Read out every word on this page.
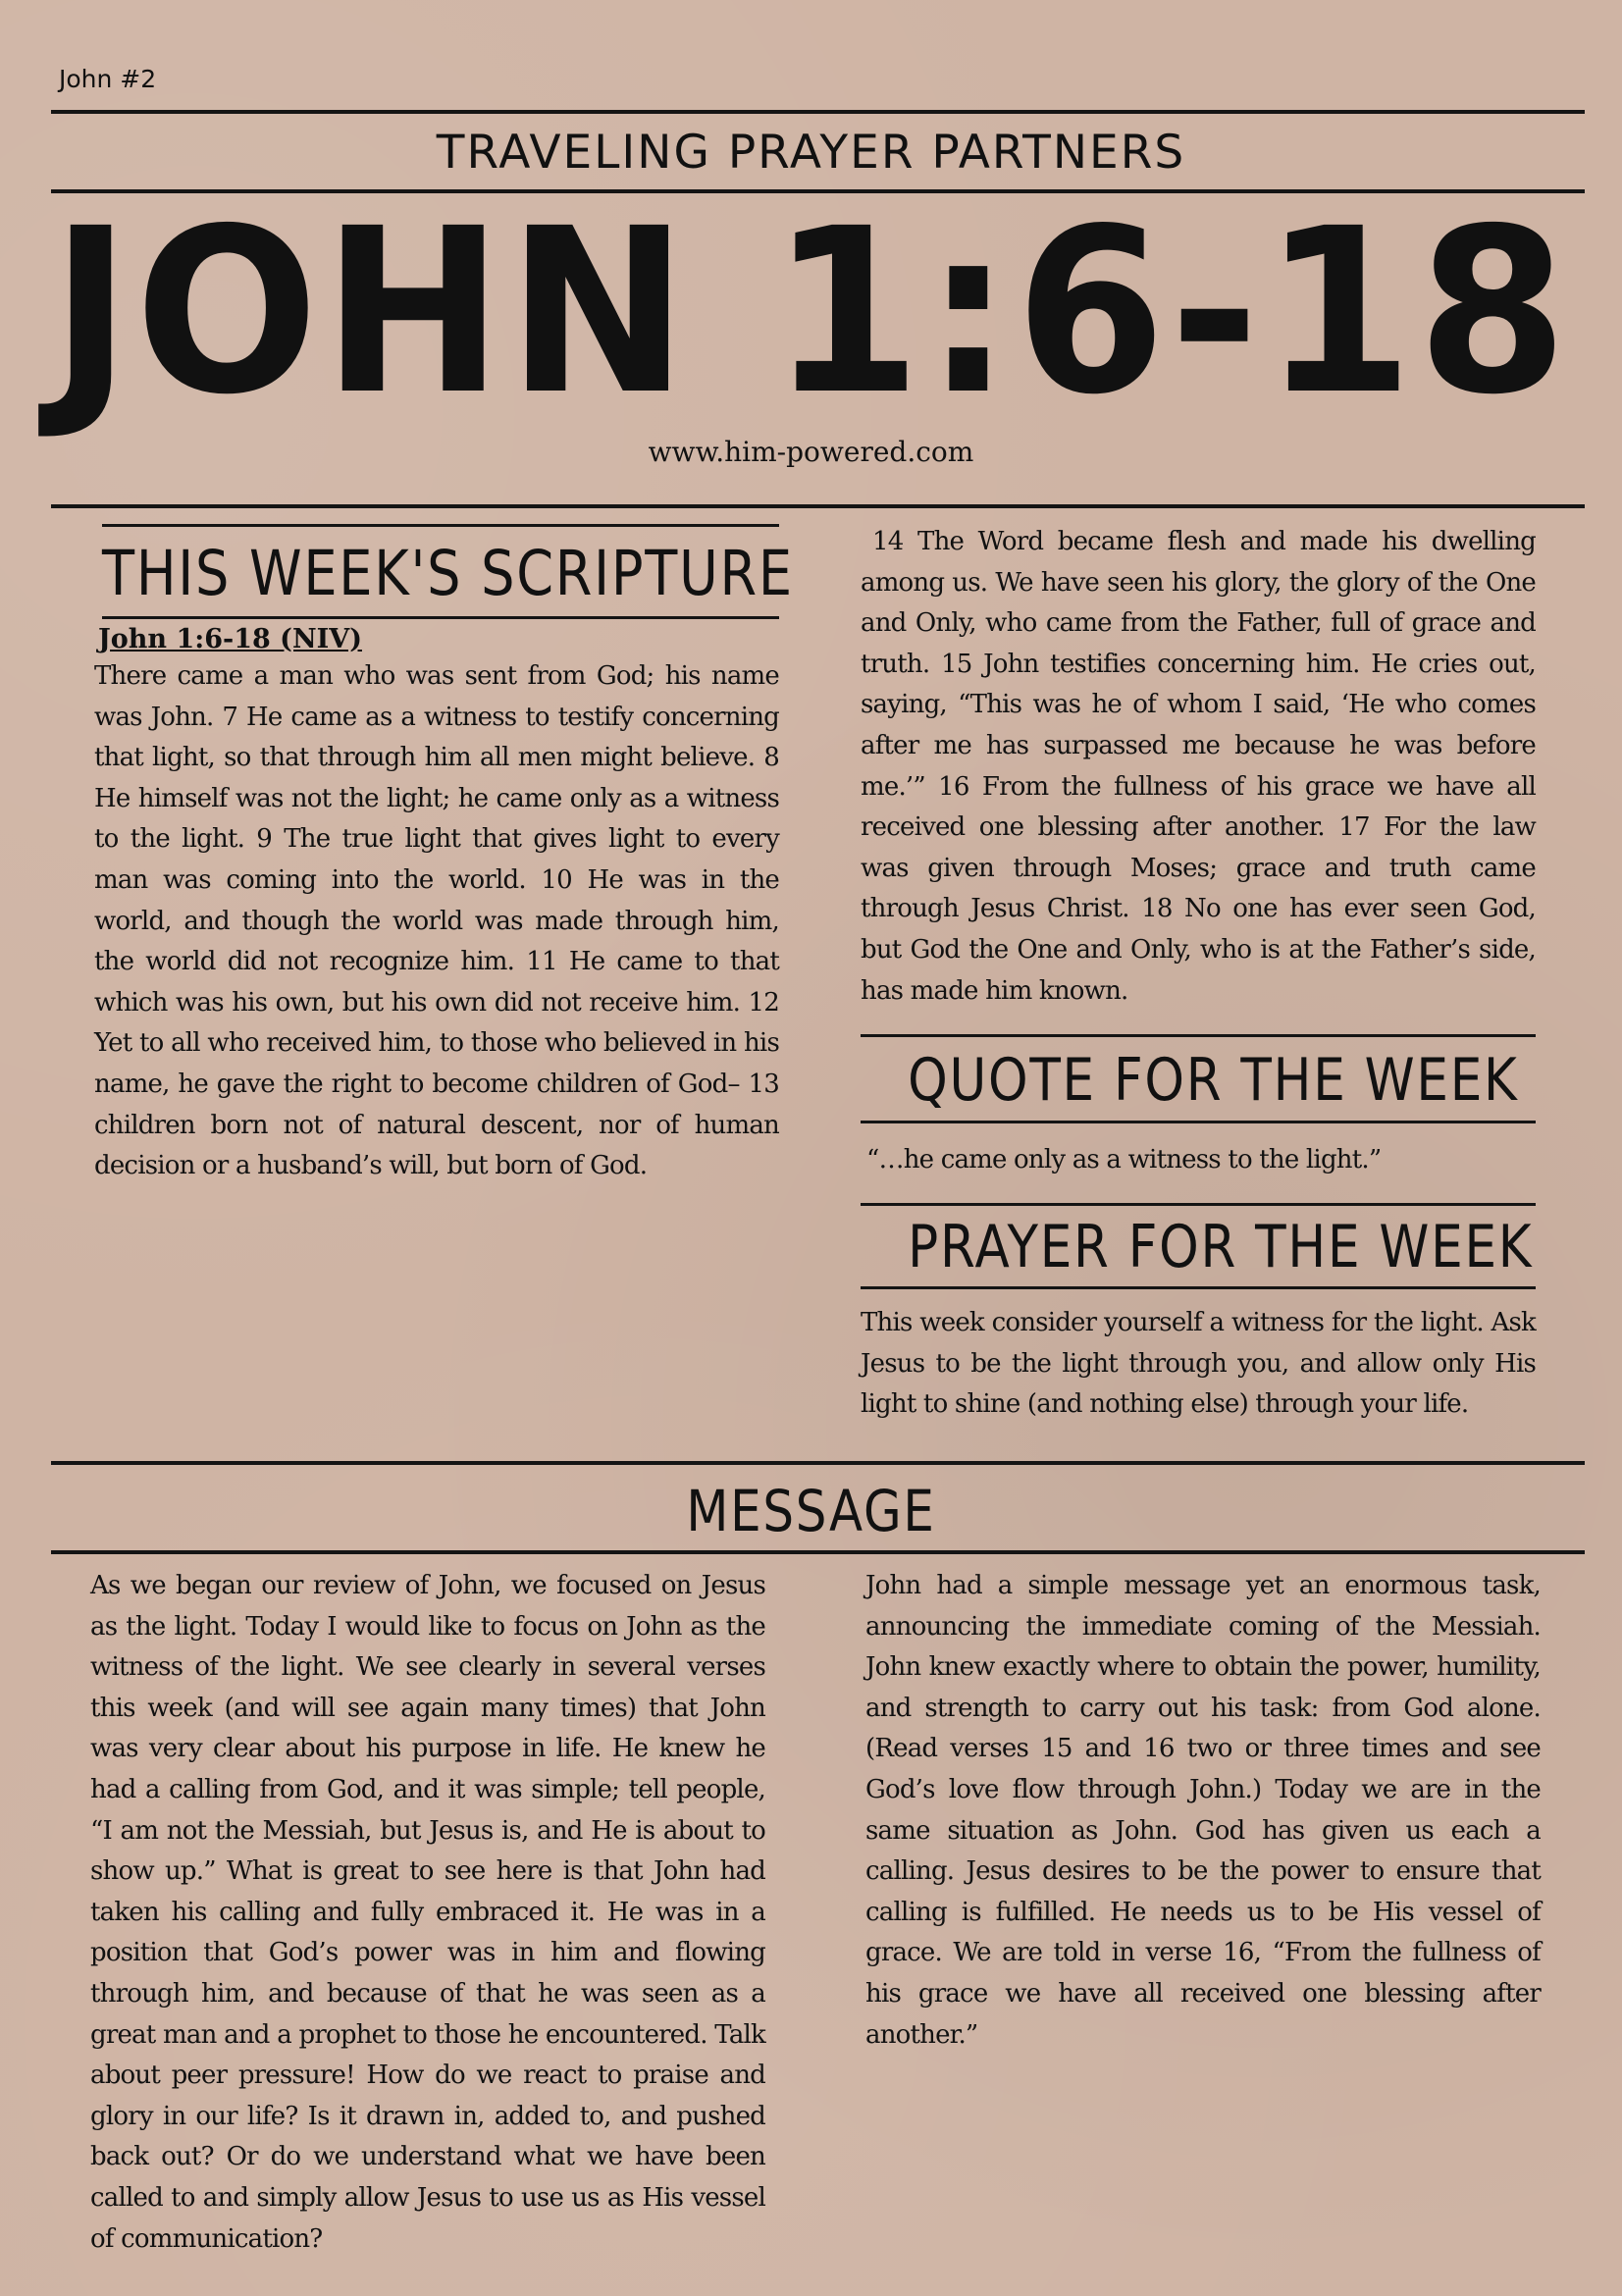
John #2
TRAVELING PRAYER PARTNERS
JOHN 1:6-18
www.him-powered.com
THIS WEEK'S SCRIPTURE
John 1:6-18 (NIV)

There came a man who was sent from God; his name was John. 7 He came as a witness to testify concerning that light, so that through him all men might believe. 8 He himself was not the light; he came only as a witness to the light. 9 The true light that gives light to every man was coming into the world. 10 He was in the world, and though the world was made through him, the world did not recognize him. 11 He came to that which was his own, but his own did not receive him. 12 Yet to all who received him, to those who believed in his name, he gave the right to become children of God– 13 children born not of natural descent, nor of human decision or a husband’s will, but born of God.

14 The Word became flesh and made his dwelling among us. We have seen his glory, the glory of the One and Only, who came from the Father, full of grace and truth. 15 John testifies concerning him. He cries out, saying, “This was he of whom I said, ‘He who comes after me has surpassed me because he was before me.’” 16 From the fullness of his grace we have all received one blessing after another. 17 For the law was given through Moses; grace and truth came through Jesus Christ. 18 No one has ever seen God, but God the One and Only, who is at the Father’s side, has made him known.

QUOTE FOR THE WEEK
“…he came only as a witness to the light.”
PRAYER FOR THE WEEK
This week consider yourself a witness for the light. Ask Jesus to be the light through you, and allow only His light to shine (and nothing else) through your life.
MESSAGE

As we began our review of John, we focused on Jesus as the light. Today I would like to focus on John as the witness of the light. We see clearly in several verses this week (and will see again many times) that John was very clear about his purpose in life. He knew he had a calling from God, and it was simple; tell people, “I am not the Messiah, but Jesus is, and He is about to show up.” What is great to see here is that John had taken his calling and fully embraced it. He was in a position that God’s power was in him and flowing through him, and because of that he was seen as a great man and a prophet to those he encountered. Talk about peer pressure! How do we react to praise and glory in our life? Is it drawn in, added to, and pushed back out? Or do we understand what we have been called to and simply allow Jesus to use us as His vessel of communication?

John had a simple message yet an enormous task, announcing the immediate coming of the Messiah. John knew exactly where to obtain the power, humility, and strength to carry out his task: from God alone. (Read verses 15 and 16 two or three times and see God’s love flow through John.) Today we are in the same situation as John. God has given us each a calling. Jesus desires to be the power to ensure that calling is fulfilled. He needs us to be His vessel of grace. We are told in verse 16, “From the fullness of his grace we have all received one blessing after another.”
